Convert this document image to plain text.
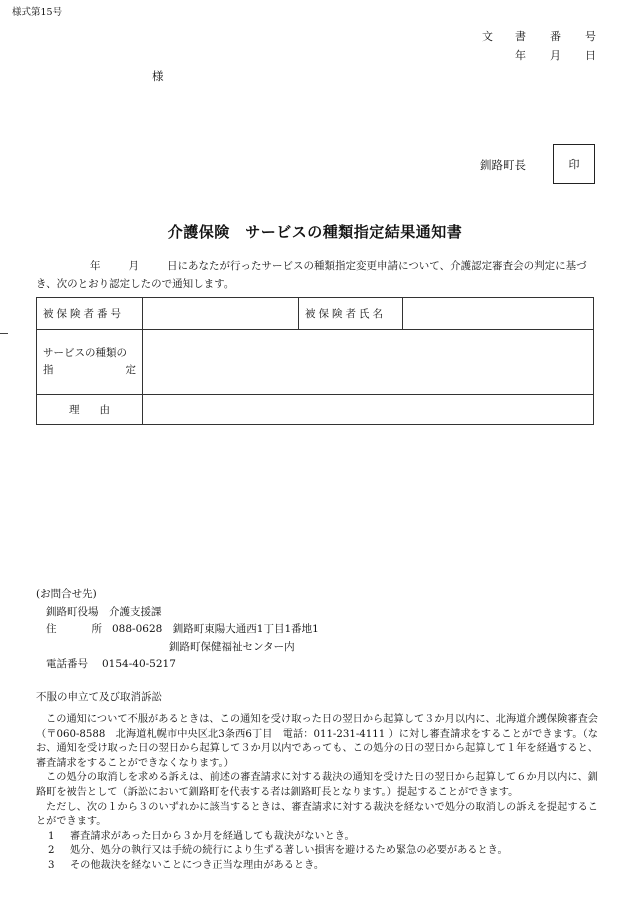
様式第15号
文 書 番 号
年 月 日
様
釧路町長	印
介護保険　サービスの種類指定結果通知書
年	月	日にあなたが行ったサービスの種類指定変更申請について、介護認定審査会の判定に基づき、次のとおり認定したので通知します。
被保険者番号		被保険者氏名	

サービスの種類の
指 定			

理 由			
(お問合せ先)
釧路町役場　介護支援課
住	所 088-0628　釧路町東陽大通西1丁目1番地1
釧路町保健福祉センター内
電話番号 0154-40-5217
不服の申立て及び取消訴訟

この通知について不服があるときは、この通知を受け取った日の翌日から起算して３か月以内に、北海道介護保険審査会（〒060-8588　北海道札幌市中央区北3条西6丁目　電話：011-231-4111 ）に対し審査請求をすることができます。（なお、通知を受け取った日の翌日から起算して３か月以内であっても、この処分の日の翌日から起算して１年を経過すると、審査請求をすることができなくなります。）

この処分の取消しを求める訴えは、前述の審査請求に対する裁決の通知を受けた日の翌日から起算して６か月以内に、釧路町を被告として（訴訟において釧路町を代表する者は釧路町長となります。）提起することができます。

ただし、次の１から３のいずれかに該当するときは、審査請求に対する裁決を経ないで処分の取消しの訴えを提起することができます。

1	審査請求があった日から３か月を経過しても裁決がないとき。
2	処分、処分の執行又は手続の続行により生ずる著しい損害を避けるため緊急の必要があるとき。
3	その他裁決を経ないことにつき正当な理由があるとき。
